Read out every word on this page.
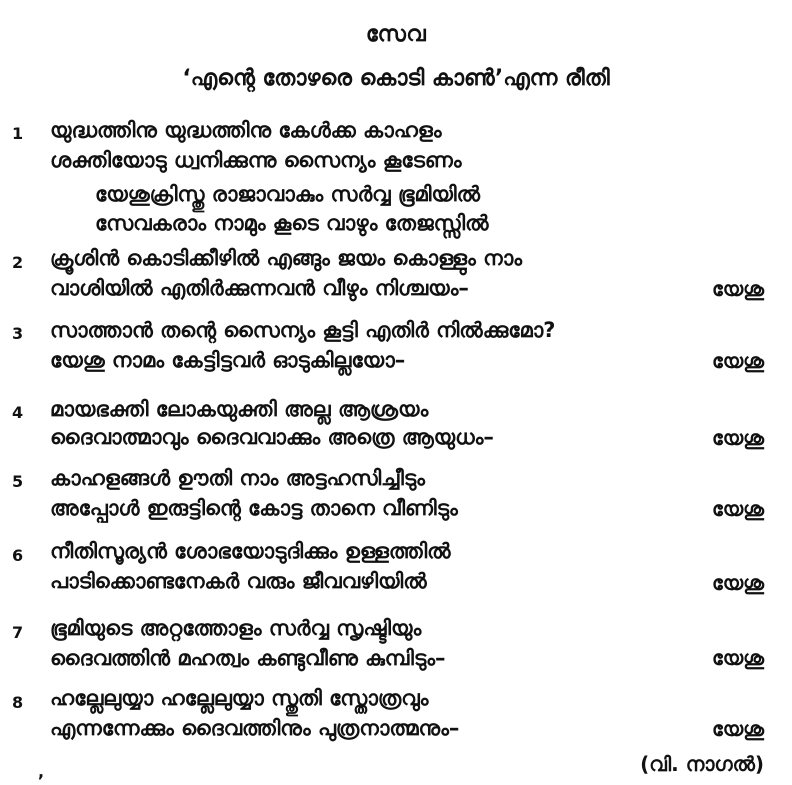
സേവ
‘എന്റെ തോഴരെ കൊടി കാൺ’എന്ന രീതി
1 യുദ്ധത്തിനു യുദ്ധത്തിനു കേൾക്ക കാഹളം
ശക്തിയോടു ധ്വനിക്കുന്നു സൈന്യം കൂടേണം
യേശുക്രിസ്തു രാജാവാകും സർവ്വ ഭൂമിയിൽ
സേവകരാം നാമും കൂടെ വാഴും തേജസ്സിൽ
2 ക്രൂശിൻ കൊടിക്കീഴിൽ എങ്ങും ജയം കൊള്ളും നാം
വാശിയിൽ എതിർക്കുന്നവൻ വീഴും നിശ്ചയം–	യേശു
3 സാത്താൻ തന്റെ സൈന്യം കൂട്ടി എതിർ നിൽക്കുമോ?
യേശു നാമം കേട്ടിട്ടവർ ഓടുകില്ലയോ–	യേശു
4 മായഭക്തി ലോകയുക്തി അല്ല ആശ്രയം
ദൈവാത്മാവും ദൈവവാക്കും അത്രെ ആയുധം–	യേശു
5 കാഹളങ്ങൾ ഊതി നാം അട്ടഹസിച്ചീടും
അപ്പോൾ ഇരുട്ടിന്റെ കോട്ട താനെ വീണിടും	യേശു
6 നീതിസൂര്യൻ ശോഭയോടുദിക്കും ഉള്ളത്തിൽ
പാടിക്കൊണ്ടനേകർ വരും ജീവവഴിയിൽ	യേശു
7 ഭൂമിയുടെ അറ്റത്തോളം സർവ്വ സൃഷ്ടിയും
ദൈവത്തിൻ മഹത്വം കണ്ടുവീണു കുമ്പിടും–	യേശു
8 ഹല്ലേലുയ്യാ ഹല്ലേലുയ്യാ സ്തുതി സ്തോത്രവും
എന്നന്നേക്കും ദൈവത്തിനും പുത്രനാത്മനും–	യേശു
,	(വി. നാഗൽ)
